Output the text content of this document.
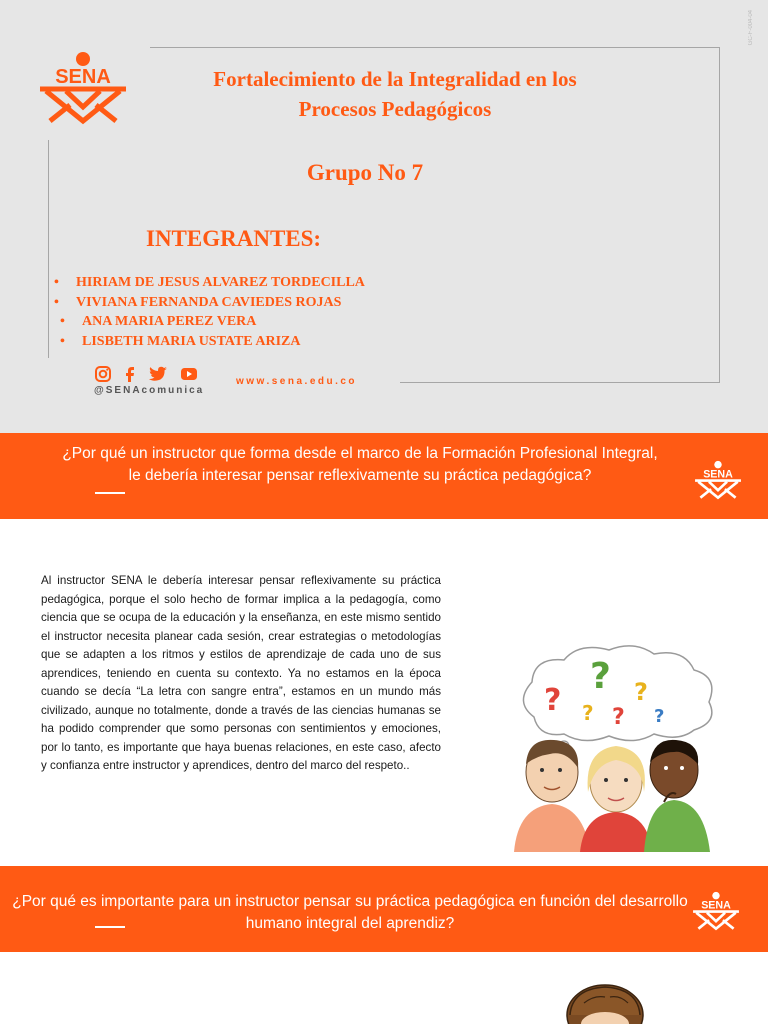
SENA
GC-F-004-04
Fortalecimiento de la Integralidad en los
Procesos Pedagógicos
Grupo No 7
INTEGRANTES:
• HIRIAM DE JESUS ALVAREZ TORDECILLA
• VIVIANA FERNANDA CAVIEDES ROJAS
• ANA MARIA PEREZ VERA
• LISBETH MARIA USTATE ARIZA
@SENAcomunica
www.sena.edu.co
¿Por qué un instructor que forma desde el marco de la Formación Profesional Integral, le debería interesar pensar reflexivamente su práctica pedagógica?	SENA
Al instructor SENA le debería interesar pensar reflexivamente su práctica pedagógica, porque el solo hecho de formar implica a la pedagogía, como ciencia que se ocupa de la educación y la enseñanza, en este mismo sentido el instructor necesita planear cada sesión, crear estrategias o metodologías que se adapten a los ritmos y estilos de aprendizaje de cada uno de sus aprendices, teniendo en cuenta su contexto. Ya no estamos en la época cuando se decía “La letra con sangre entra”, estamos en un mundo más civilizado, aunque no totalmente, donde a través de las ciencias humanas se ha podido comprender que somo personas con sentimientos y emociones, por lo tanto, es importante que haya buenas relaciones, en este caso, afecto y confianza entre instructor y aprendices, dentro del marco del respeto..
?
?
? ?
?
?
¿Por qué es importante para un instructor pensar su práctica pedagógica en función del desarrollo humano integral del aprendiz?
SENA
